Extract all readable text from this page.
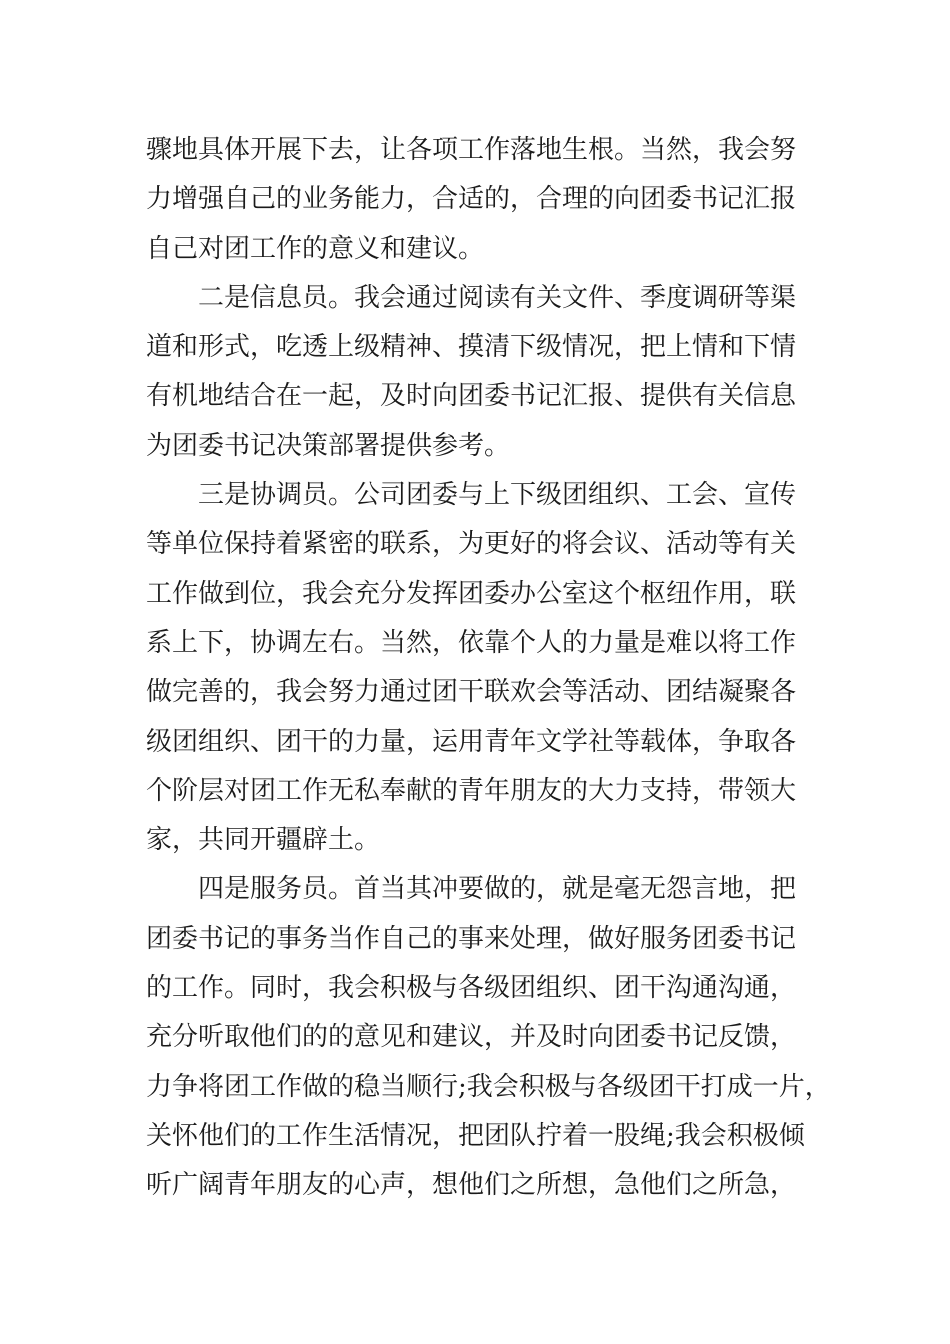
骤地具体开展下去，让各项工作落地生根。当然，我会努
力增强自己的业务能力，合适的，合理的向团委书记汇报
自己对团工作的意义和建议。
二是信息员。我会通过阅读有关文件、季度调研等渠
道和形式，吃透上级精神、摸清下级情况，把上情和下情
有机地结合在一起，及时向团委书记汇报、提供有关信息
为团委书记决策部署提供参考。
三是协调员。公司团委与上下级团组织、工会、宣传
等单位保持着紧密的联系，为更好的将会议、活动等有关
工作做到位，我会充分发挥团委办公室这个枢纽作用，联
系上下，协调左右。当然，依靠个人的力量是难以将工作
做完善的，我会努力通过团干联欢会等活动、团结凝聚各
级团组织、团干的力量，运用青年文学社等载体，争取各
个阶层对团工作无私奉献的青年朋友的大力支持，带领大
家，共同开疆辟土。
四是服务员。首当其冲要做的，就是毫无怨言地，把
团委书记的事务当作自己的事来处理，做好服务团委书记
的工作。同时，我会积极与各级团组织、团干沟通沟通，
充分听取他们的的意见和建议，并及时向团委书记反馈，
力争将团工作做的稳当顺行;我会积极与各级团干打成一片，
关怀他们的工作生活情况，把团队拧着一股绳;我会积极倾
听广阔青年朋友的心声，想他们之所想，急他们之所急，
